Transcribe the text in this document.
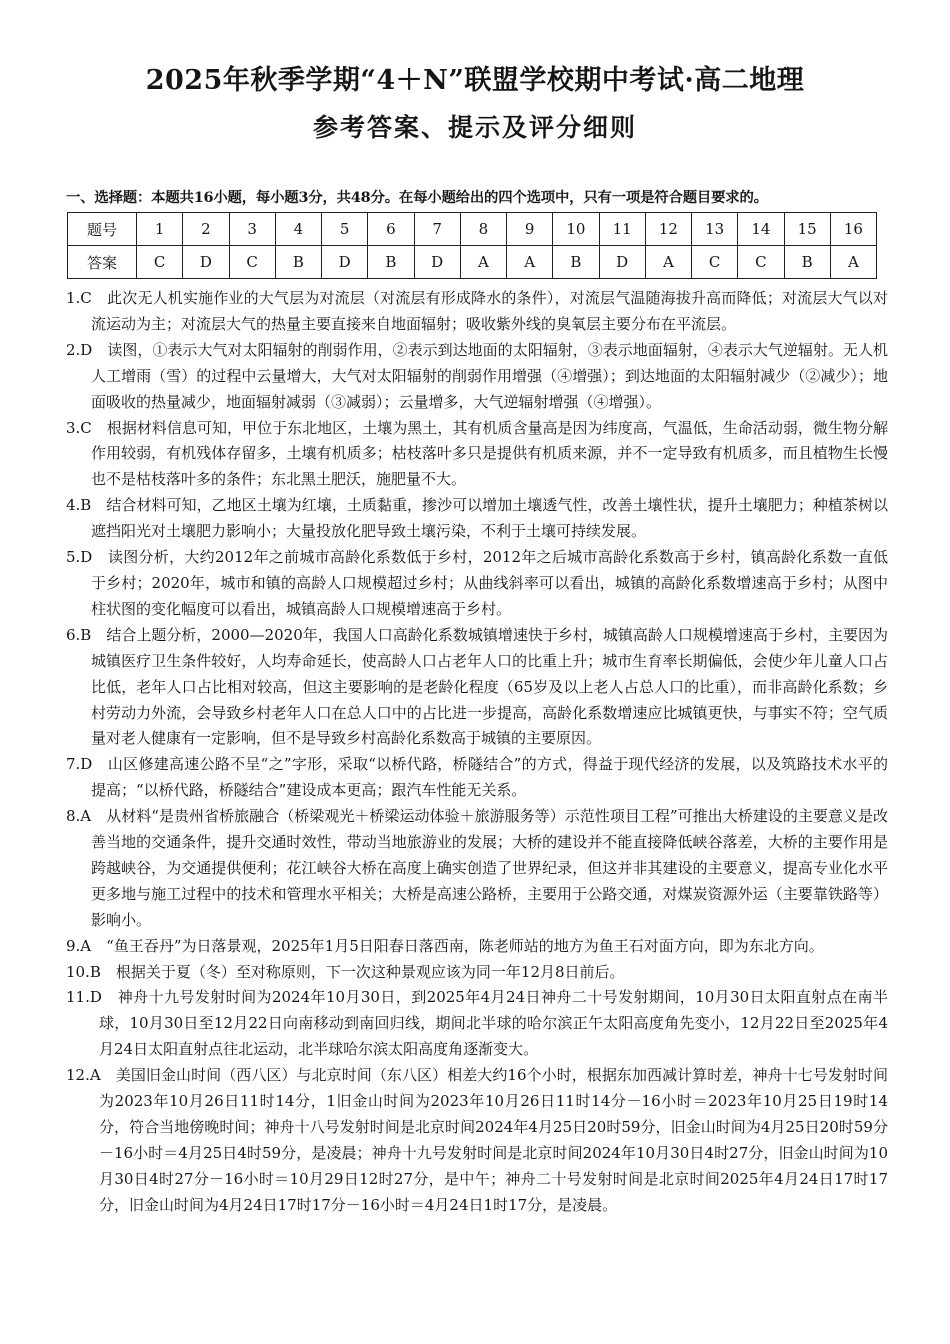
2025年秋季学期“4＋N”联盟学校期中考试·高二地理
参考答案、提示及评分细则
一、选择题：本题共16小题，每小题3分，共48分。在每小题给出的四个选项中，只有一项是符合题目要求的。
题号	1	2	3	4	5	6	7	8	9	10	11	12	13	14	15	16
答案	C	D	C	B	D	B	D	A	A	B	D	A	C	C	B	A

1.C　 此次无人机实施作业的大气层为对流层（对流层有形成降水的条件），对流层气温随海拔升高而降低；对流层大气以对流运动为主；对流层大气的热量主要直接来自地面辐射；吸收紫外线的臭氧层主要分布在平流层。

2.D　 读图，①表示大气对太阳辐射的削弱作用，②表示到达地面的太阳辐射，③表示地面辐射，④表示大气逆辐射。无人机人工增雨（雪）的过程中云量增大，大气对太阳辐射的削弱作用增强（④增强）；到达地面的太阳辐射减少（②减少）；地面吸收的热量减少，地面辐射减弱（③减弱）；云量增多，大气逆辐射增强（④增强）。

3.C　 根据材料信息可知，甲位于东北地区，土壤为黑土，其有机质含量高是因为纬度高，气温低，生命活动弱，微生物分解作用较弱，有机残体存留多，土壤有机质多；枯枝落叶多只是提供有机质来源，并不一定导致有机质多，而且植物生长慢也不是枯枝落叶多的条件；东北黑土肥沃，施肥量不大。

4.B　 结合材料可知，乙地区土壤为红壤，土质黏重，掺沙可以增加土壤透气性，改善土壤性状，提升土壤肥力；种植茶树以遮挡阳光对土壤肥力影响小；大量投放化肥导致土壤污染，不利于土壤可持续发展。

5.D　 读图分析，大约2012年之前城市高龄化系数低于乡村，2012年之后城市高龄化系数高于乡村，镇高龄化系数一直低于乡村；2020年，城市和镇的高龄人口规模超过乡村；从曲线斜率可以看出，城镇的高龄化系数增速高于乡村；从图中柱状图的变化幅度可以看出，城镇高龄人口规模增速高于乡村。

6.B　 结合上题分析，2000—2020年，我国人口高龄化系数城镇增速快于乡村，城镇高龄人口规模增速高于乡村，主要因为城镇医疗卫生条件较好，人均寿命延长，使高龄人口占老年人口的比重上升；城市生育率长期偏低，会使少年儿童人口占比低，老年人口占比相对较高，但这主要影响的是老龄化程度（65岁及以上老人占总人口的比重），而非高龄化系数；乡村劳动力外流，会导致乡村老年人口在总人口中的占比进一步提高，高龄化系数增速应比城镇更快，与事实不符；空气质量对老人健康有一定影响，但不是导致乡村高龄化系数高于城镇的主要原因。

7.D　 山区修建高速公路不呈“之”字形，采取“以桥代路，桥隧结合”的方式，得益于现代经济的发展，以及筑路技术水平的提高；“以桥代路，桥隧结合”建设成本更高；跟汽车性能无关系。

8.A　 从材料“是贵州省桥旅融合（桥梁观光＋桥梁运动体验＋旅游服务等）示范性项目工程”可推出大桥建设的主要意义是改善当地的交通条件，提升交通时效性，带动当地旅游业的发展；大桥的建设并不能直接降低峡谷落差，大桥的主要作用是跨越峡谷，为交通提供便利；花江峡谷大桥在高度上确实创造了世界纪录，但这并非其建设的主要意义，提高专业化水平更多地与施工过程中的技术和管理水平相关；大桥是高速公路桥，主要用于公路交通，对煤炭资源外运（主要靠铁路等）影响小。

9.A　 “鱼王吞丹”为日落景观，2025年1月5日阳春日落西南，陈老师站的地方为鱼王石对面方向，即为东北方向。

10.B　 根据关于夏（冬）至对称原则，下一次这种景观应该为同一年12月8日前后。

11.D　 神舟十九号发射时间为2024年10月30日，到2025年4月24日神舟二十号发射期间，10月30日太阳直射点在南半球，10月30日至12月22日向南移动到南回归线，期间北半球的哈尔滨正午太阳高度角先变小，12月22日至2025年4月24日太阳直射点往北运动，北半球哈尔滨太阳高度角逐渐变大。

12.A　 美国旧金山时间（西八区）与北京时间（东八区）相差大约16个小时，根据东加西减计算时差，神舟十七号发射时间为2023年10月26日11时14分，1旧金山时间为2023年10月26日11时14分－16小时＝2023年10月25日19时14分，符合当地傍晚时间；神舟十八号发射时间是北京时间2024年4月25日20时59分，旧金山时间为4月25日20时59分－16小时＝4月25日4时59分，是凌晨；神舟十九号发射时间是北京时间2024年10月30日4时27分，旧金山时间为10月30日4时27分－16小时＝10月29日12时27分，是中午；神舟二十号发射时间是北京时间2025年4月24日17时17分，旧金山时间为4月24日17时17分－16小时＝4月24日1时17分，是凌晨。
